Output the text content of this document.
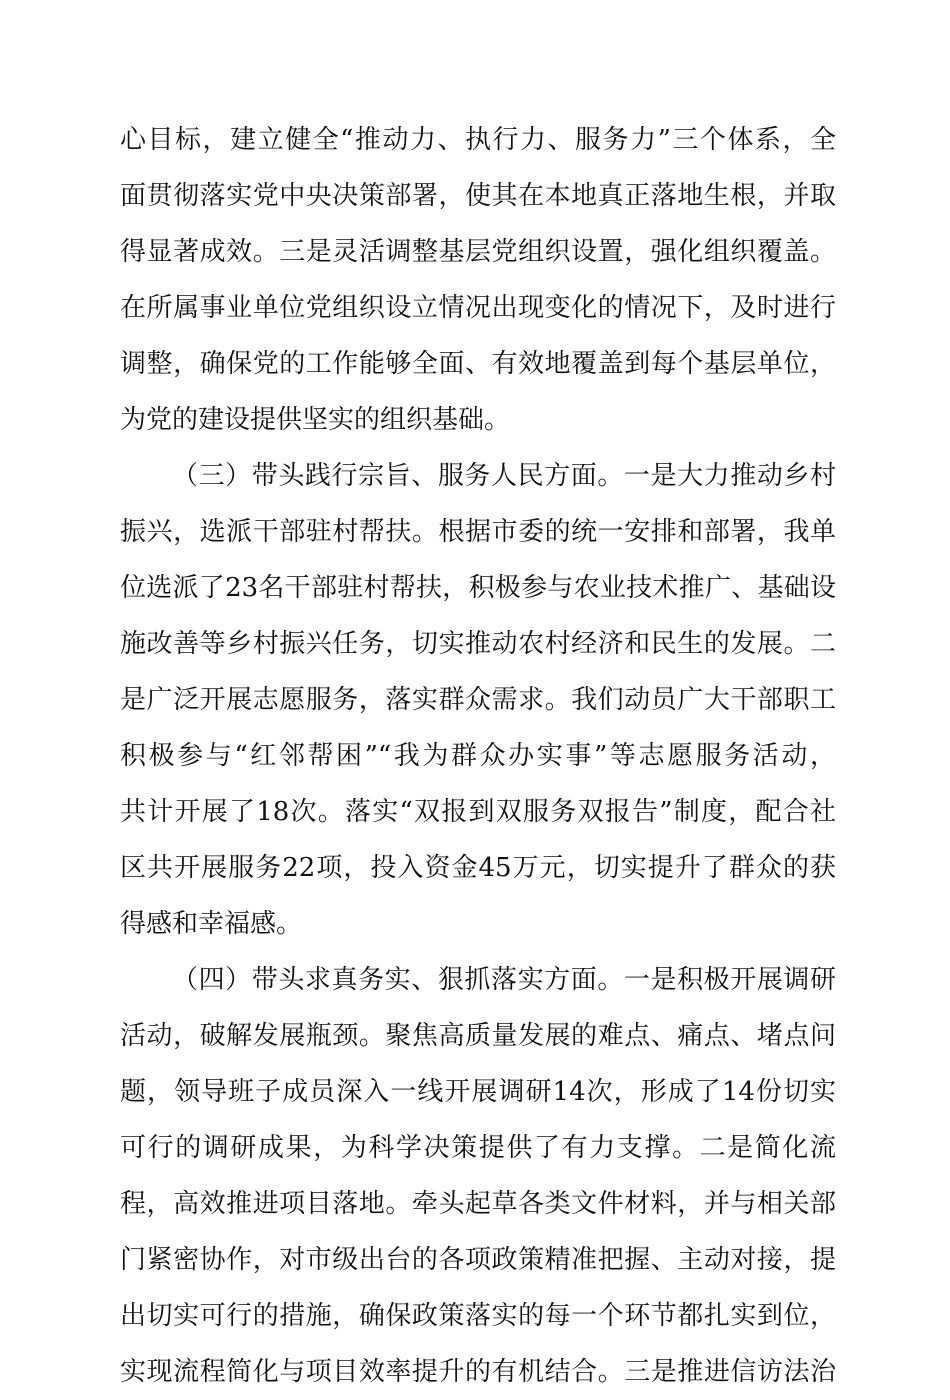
心目标，建立健全“推动力、执行力、服务力”三个体系，全
面贯彻落实党中央决策部署，使其在本地真正落地生根，并取
得显著成效。三是灵活调整基层党组织设置，强化组织覆盖。
在所属事业单位党组织设立情况出现变化的情况下，及时进行
调整，确保党的工作能够全面、有效地覆盖到每个基层单位，
为党的建设提供坚实的组织基础。
（三）带头践行宗旨、服务人民方面。一是大力推动乡村
振兴，选派干部驻村帮扶。根据市委的统一安排和部署，我单
位选派了23名干部驻村帮扶，积极参与农业技术推广、基础设
施改善等乡村振兴任务，切实推动农村经济和民生的发展。二
是广泛开展志愿服务，落实群众需求。我们动员广大干部职工
积极参与“红邻帮困”“我为群众办实事”等志愿服务活动，
共计开展了18次。落实“双报到双服务双报告”制度，配合社
区共开展服务22项，投入资金45万元，切实提升了群众的获
得感和幸福感。
（四）带头求真务实、狠抓落实方面。一是积极开展调研
活动，破解发展瓶颈。聚焦高质量发展的难点、痛点、堵点问
题，领导班子成员深入一线开展调研14次，形成了14份切实
可行的调研成果，为科学决策提供了有力支撑。二是简化流
程，高效推进项目落地。牵头起草各类文件材料，并与相关部
门紧密协作，对市级出台的各项政策精准把握、主动对接，提
出切实可行的措施，确保政策落实的每一个环节都扎实到位，
实现流程简化与项目效率提升的有机结合。三是推进信访法治
